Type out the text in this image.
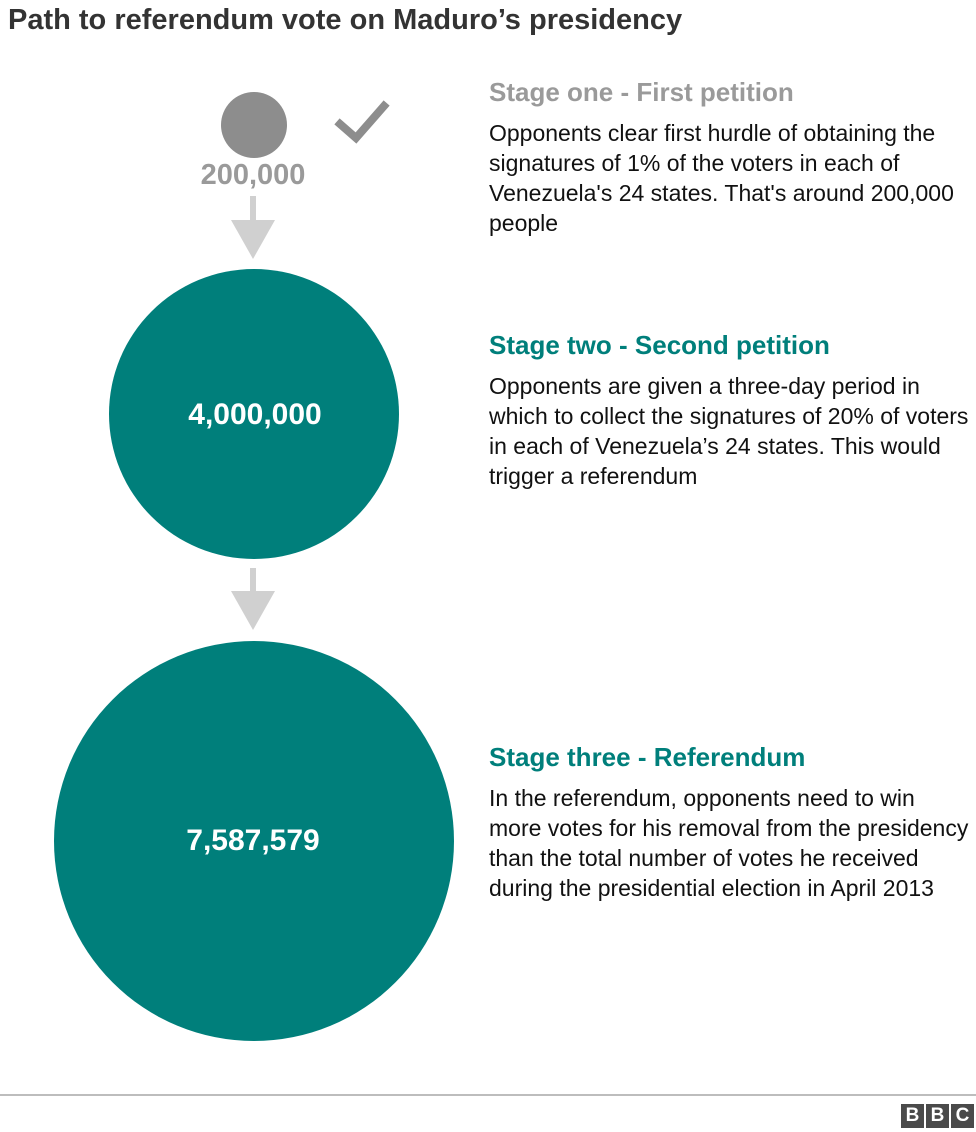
Path to referendum vote on Maduro’s presidency
200,000
4,000,000
7,587,579

Stage one - First petition

Opponents clear first hurdle of obtaining the signatures of 1% of the voters in each of Venezuela's 24 states. That's around 200,000 people

Stage two - Second petition

Opponents are given a three-day period in which to collect the signatures of 20% of voters in each of Venezuela’s 24 states. This would trigger a referendum

Stage three - Referendum

In the referendum, opponents need to win more votes for his removal from the presidency than the total number of votes he received during the presidential election in April 2013

B B C
